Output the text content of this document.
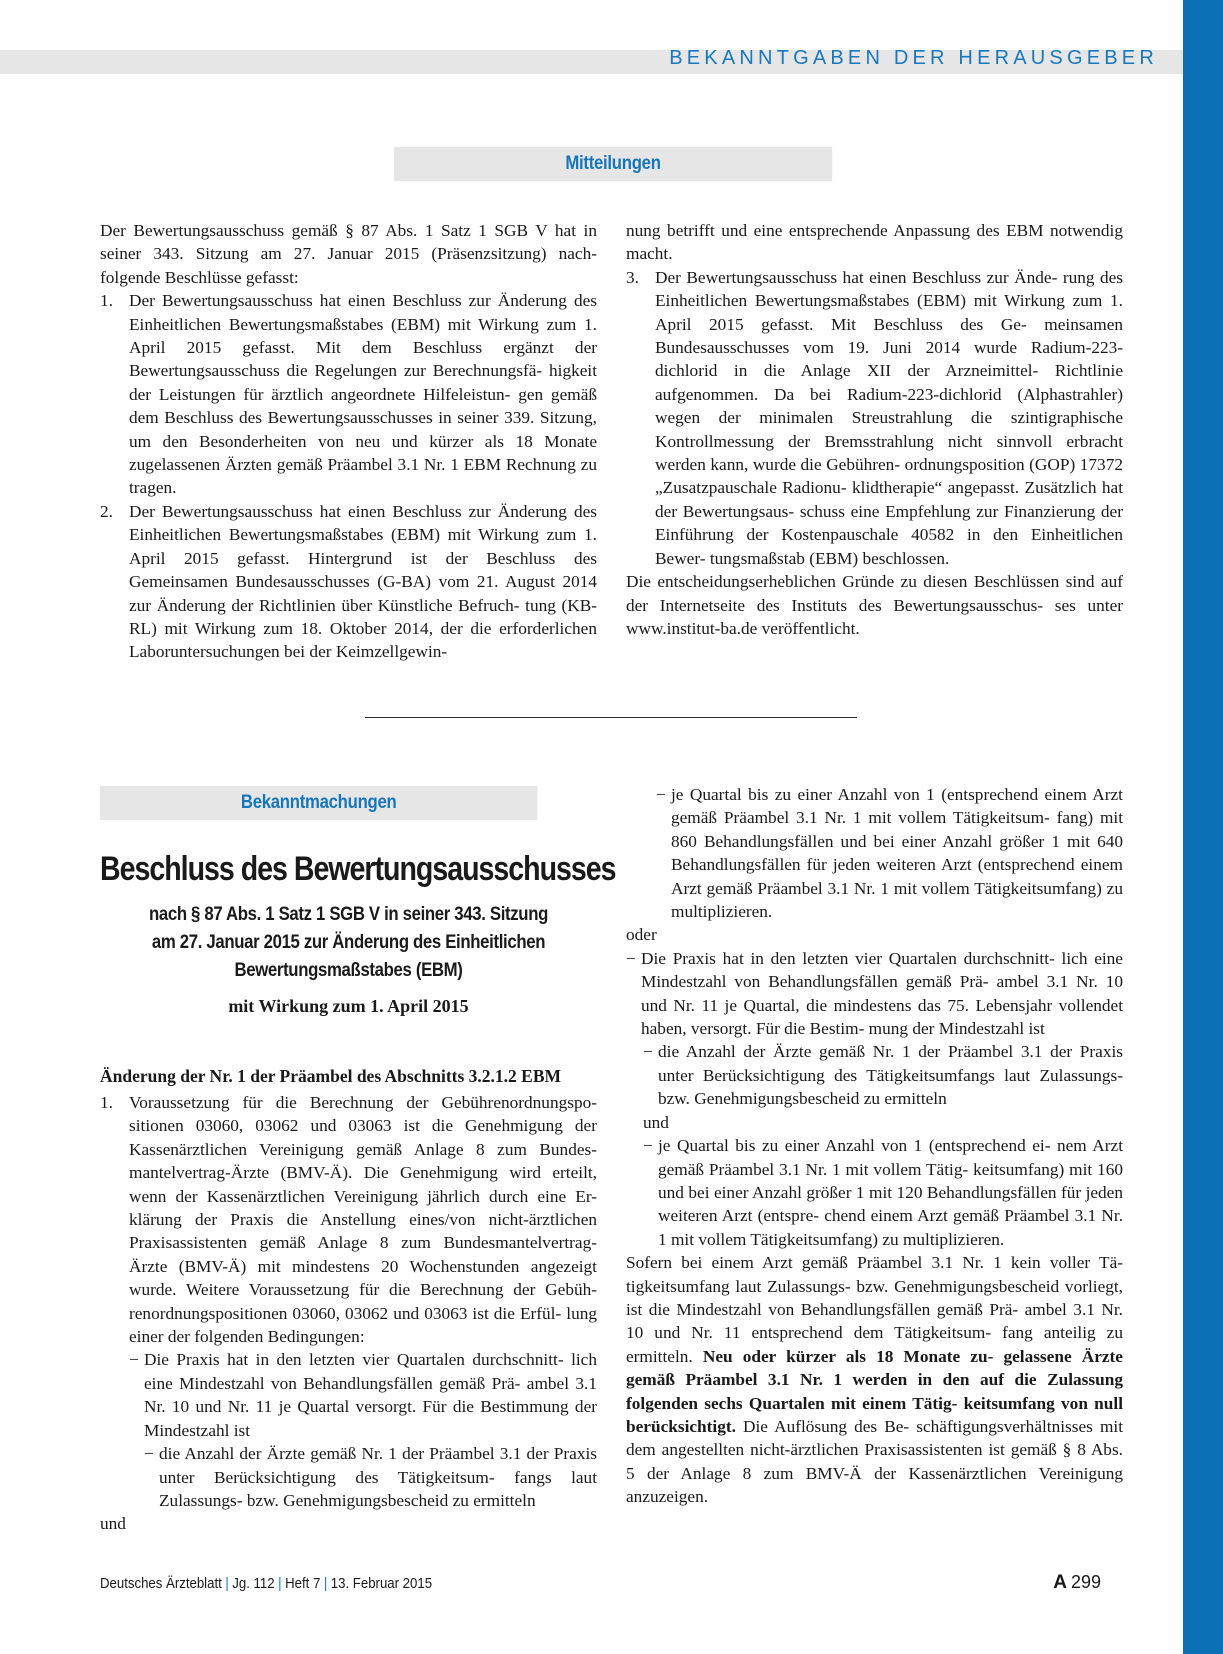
BEKANNTGABEN DER HERAUSGEBER
Mitteilungen

Der Bewertungsausschuss gemäß § 87 Abs. 1 Satz 1 SGB V hat in seiner 343. Sitzung am 27. Januar 2015 (Präsenzsitzung) nach- folgende Beschlüsse gefasst:

1. Der Bewertungsausschuss hat einen Beschluss zur Änderung des Einheitlichen Bewertungsmaßstabes (EBM) mit Wirkung zum 1. April 2015 gefasst. Mit dem Beschluss ergänzt der Bewertungsausschuss die Regelungen zur Berechnungsfä- higkeit der Leistungen für ärztlich angeordnete Hilfeleistun- gen gemäß dem Beschluss des Bewertungsausschusses in seiner 339. Sitzung, um den Besonderheiten von neu und kürzer als 18 Monate zugelassenen Ärzten gemäß Präambel 3.1 Nr. 1 EBM Rechnung zu tragen.

2. Der Bewertungsausschuss hat einen Beschluss zur Änderung des Einheitlichen Bewertungsmaßstabes (EBM) mit Wirkung zum 1. April 2015 gefasst. Hintergrund ist der Beschluss des Gemeinsamen Bundesausschusses (G-BA) vom 21. August 2014 zur Änderung der Richtlinien über Künstliche Befruch- tung (KB-RL) mit Wirkung zum 18. Oktober 2014, der die erforderlichen Laboruntersuchungen bei der Keimzellgewin-

nung betrifft und eine entsprechende Anpassung des EBM notwendig macht.

3. Der Bewertungsausschuss hat einen Beschluss zur Ände- rung des Einheitlichen Bewertungsmaßstabes (EBM) mit Wirkung zum 1. April 2015 gefasst. Mit Beschluss des Ge- meinsamen Bundesausschusses vom 19. Juni 2014 wurde Radium-223-dichlorid in die Anlage XII der Arzneimittel- Richtlinie aufgenommen. Da bei Radium-223-dichlorid (Alphastrahler) wegen der minimalen Streustrahlung die szintigraphische Kontrollmessung der Bremsstrahlung nicht sinnvoll erbracht werden kann, wurde die Gebühren- ordnungsposition (GOP) 17372 „Zusatzpauschale Radionu- klidtherapie“ angepasst. Zusätzlich hat der Bewertungsaus- schuss eine Empfehlung zur Finanzierung der Einführung der Kostenpauschale 40582 in den Einheitlichen Bewer- tungsmaßstab (EBM) beschlossen.

Die entscheidungserheblichen Gründe zu diesen Beschlüssen sind auf der Internetseite des Instituts des Bewertungsausschus- ses unter www.institut-ba.de veröffentlicht.

Bekanntmachungen
Beschluss des Bewertungsausschusses
nach § 87 Abs. 1 Satz 1 SGB V in seiner 343. Sitzung
am 27. Januar 2015 zur Änderung des Einheitlichen
Bewertungsmaßstabes (EBM)
mit Wirkung zum 1. April 2015
Änderung der Nr. 1 der Präambel des Abschnitts 3.2.1.2 EBM
1. Voraussetzung für die Berechnung der Gebührenordnungspo- sitionen 03060, 03062 und 03063 ist die Genehmigung der Kassenärztlichen Vereinigung gemäß Anlage 8 zum Bundes- mantelvertrag-Ärzte (BMV-Ä). Die Genehmigung wird erteilt, wenn der Kassenärztlichen Vereinigung jährlich durch eine Er- klärung der Praxis die Anstellung eines/von nicht-ärztlichen Praxisassistenten gemäß Anlage 8 zum Bundesmantelvertrag- Ärzte (BMV-Ä) mit mindestens 20 Wochenstunden angezeigt wurde. Weitere Voraussetzung für die Berechnung der Gebüh- renordnungspositionen 03060, 03062 und 03063 ist die Erfül- lung einer der folgenden Bedingungen:

− Die Praxis hat in den letzten vier Quartalen durchschnitt- lich eine Mindestzahl von Behandlungsfällen gemäß Prä- ambel 3.1 Nr. 10 und Nr. 11 je Quartal versorgt. Für die Bestimmung der Mindestzahl ist

− die Anzahl der Ärzte gemäß Nr. 1 der Präambel 3.1 der Praxis unter Berücksichtigung des Tätigkeitsum- fangs laut Zulassungs- bzw. Genehmigungsbescheid zu ermitteln

und

− je Quartal bis zu einer Anzahl von 1 (entsprechend einem Arzt gemäß Präambel 3.1 Nr. 1 mit vollem Tätigkeitsum- fang) mit 860 Behandlungsfällen und bei einer Anzahl größer 1 mit 640 Behandlungsfällen für jeden weiteren Arzt (entsprechend einem Arzt gemäß Präambel 3.1 Nr. 1 mit vollem Tätigkeitsumfang) zu multiplizieren.

oder

− Die Praxis hat in den letzten vier Quartalen durchschnitt- lich eine Mindestzahl von Behandlungsfällen gemäß Prä- ambel 3.1 Nr. 10 und Nr. 11 je Quartal, die mindestens das 75. Lebensjahr vollendet haben, versorgt. Für die Bestim- mung der Mindestzahl ist

− die Anzahl der Ärzte gemäß Nr. 1 der Präambel 3.1 der Praxis unter Berücksichtigung des Tätigkeitsumfangs laut Zulassungs- bzw. Genehmigungsbescheid zu ermitteln

und

− je Quartal bis zu einer Anzahl von 1 (entsprechend ei- nem Arzt gemäß Präambel 3.1 Nr. 1 mit vollem Tätig- keitsumfang) mit 160 und bei einer Anzahl größer 1 mit 120 Behandlungsfällen für jeden weiteren Arzt (entspre- chend einem Arzt gemäß Präambel 3.1 Nr. 1 mit vollem Tätigkeitsumfang) zu multiplizieren.

Sofern bei einem Arzt gemäß Präambel 3.1 Nr. 1 kein voller Tä- tigkeitsumfang laut Zulassungs- bzw. Genehmigungsbescheid vorliegt, ist die Mindestzahl von Behandlungsfällen gemäß Prä- ambel 3.1 Nr. 10 und Nr. 11 entsprechend dem Tätigkeitsum- fang anteilig zu ermitteln. Neu oder kürzer als 18 Monate zu- gelassene Ärzte gemäß Präambel 3.1 Nr. 1 werden in den auf die Zulassung folgenden sechs Quartalen mit einem Tätig- keitsumfang von null berücksichtigt. Die Auflösung des Be- schäftigungsverhältnisses mit dem angestellten nicht-ärztlichen Praxisassistenten ist gemäß § 8 Abs. 5 der Anlage 8 zum BMV-Ä der Kassenärztlichen Vereinigung anzuzeigen.

Deutsches Ärzteblatt | Jg. 112 | Heft 7 | 13. Februar 2015	A 299
